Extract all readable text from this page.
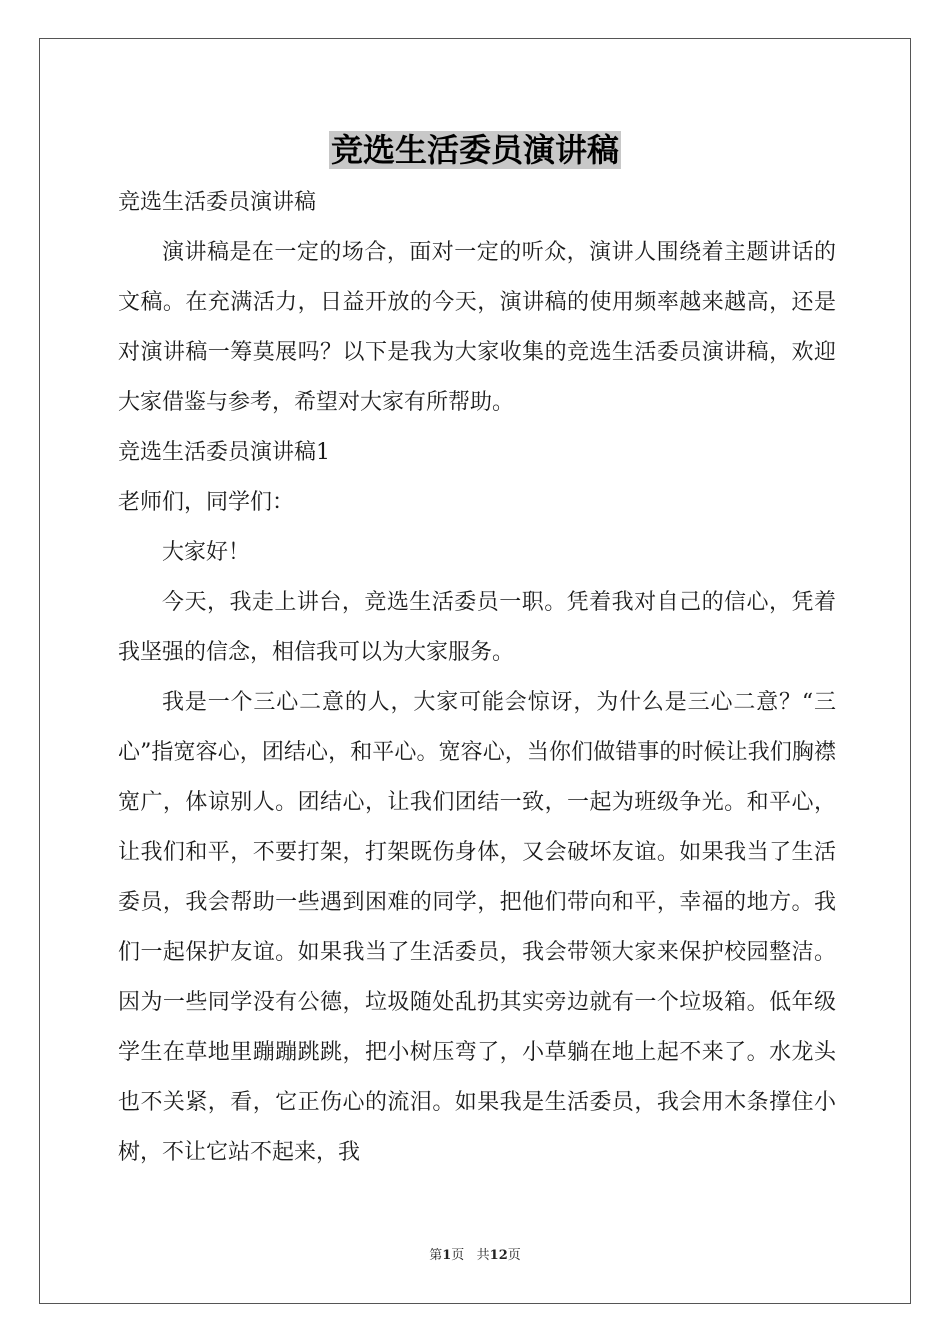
竞选生活委员演讲稿

竞选生活委员演讲稿

演讲稿是在一定的场合，面对一定的听众，演讲人围绕着主题讲话的文稿。在充满活力，日益开放的今天，演讲稿的使用频率越来越高，还是对演讲稿一筹莫展吗？以下是我为大家收集的竞选生活委员演讲稿，欢迎大家借鉴与参考，希望对大家有所帮助。

竞选生活委员演讲稿1

老师们，同学们：

大家好！

今天，我走上讲台，竞选生活委员一职。凭着我对自己的信心，凭着我坚强的信念，相信我可以为大家服务。

我是一个三心二意的人，大家可能会惊讶，为什么是三心二意？“三心”指宽容心，团结心，和平心。宽容心，当你们做错事的时候让我们胸襟宽广，体谅别人。团结心，让我们团结一致，一起为班级争光。和平心，让我们和平，不要打架，打架既伤身体，又会破坏友谊。如果我当了生活委员，我会帮助一些遇到困难的同学，把他们带向和平，幸福的地方。我们一起保护友谊。如果我当了生活委员，我会带领大家来保护校园整洁。因为一些同学没有公德，垃圾随处乱扔其实旁边就有一个垃圾箱。低年级学生在草地里蹦蹦跳跳，把小树压弯了，小草躺在地上起不来了。水龙头也不关紧，看，它正伤心的流泪。如果我是生活委员，我会用木条撑住小树，不让它站不起来，我

第1页   共12页
